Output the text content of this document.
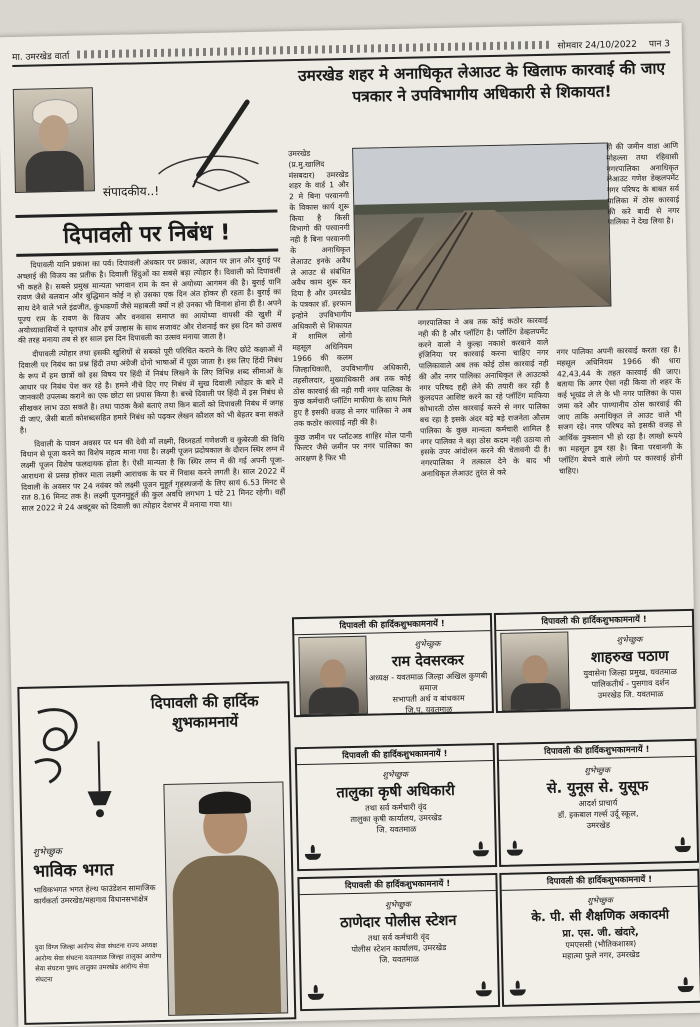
मा. उमरखेड वार्ता
सोमवार 24/10/2022 पान 3
उमरखेड शहर मे अनाधिकृत लेआउट के खिलाफ कारवाई की जाए पत्रकार ने उपविभागीय अधिकारी से शिकायत!
संपादकीय..!
दिपावली पर निबंध !

दिपावली यानि प्रकाश का पर्व। दिपावली अंधकार पर प्रकाश, अज्ञान पर ज्ञान और बुराई पर अच्छाई की विजय का प्रतीक है। दिवाली हिंदुओं का सबसे बड़ा त्योहार है। दिवाली को दिपावली भी कहते है। सबसे प्रमुख मान्यता भगवान राम के वन से अयोध्या आगमन की है। बुराई यानि रावण जैसे बलवान और बुद्धिमान कोई न हो उसका एक दिन अंत होकर ही रहता है। बुराई का साथ देने वाले भले इंद्रजीत, कुंभकर्णो जैसे महाबली क्यों न हो उनका भी विनाश होना ही है। अपने पूज्य राम के रावण के विजय और वनवास समाप्त का आयोध्या वापसी की खुशी में अयोध्यावासियों ने घृतपात्र और हर्ष उल्हास के साथ सजावट और रोशनाई कर इस दिन को उत्सव की तरह मनाया तब से हर साल इस दिन दिपावली का उत्सव मनाया जाता है।

दीपावली त्योहार तथा इसकी खुशियों से सबको पूरी परिचित कराने के लिए छोटे कक्षाओं में दिवाली पर निबंध का प्रश्न हिंदी तथा अंग्रेजी दोनो भाषाओं में पूछा जाता है। इस लिए हिंदी निबंध के रूप में हम छात्रों को इस विषय पर हिंदी में निबंध लिखने के लिए विभिन्न शब्द सीमाओं के आधार पर निबंध पेश कर रहे है। हमने नीचे दिए गए निबंध में सुख दिवाली त्योहार के बारे में जानकारी उपलब्ध कराने का एक छोटा सा प्रयास किया है। बच्चे दिवाली पर हिंदी में इस निबंध से सीखकर लाभ उठा सकते है। तथा पाठक कैसे बताएं तथा किन बातों को दिपावली निबंध में जगह दी जाए, जैसी बातों कोशब्दसहित हमारे निबंध को पढ़कर लेखन कौशल को भी बेहतर बना सकते है।

दिवाली के पावन अवसर पर धन की देवी माँ लक्ष्मी, विघ्नहर्ता गणेशजी व कुबेरजी की विधि विधान से पूजा करने का विशेष महत्व माना गया है। लक्ष्मी पूजन प्रदोषकाल के दौरान स्थिर लग्न में लक्ष्मी पूजन विशेष फलदायक होता है। ऐसी मान्यता है कि स्थिर लग्न में की गई अपनी पूजा-आराधना से प्रसन्न होकर माता लक्ष्मी आराधक के घर में निवास करने लगती है। साल 2022 में दिवाली के अवसर पर 24 नवंबर को लक्ष्मी पूजन मुहूर्त गृहस्थजनों के लिए सायं 6.53 मिनट से रात 8.16 मिनट तक है। लक्ष्मी पूजनमुहूर्त की कुल अवधि लगभग 1 घंटे 21 मिनट रहेगी। वहीं साल 2022 मे 24 अक्टूबर को दिवाली का त्योहार देशभर में मनाया गया था।

उमरखेड (प्र.मु.खालिद मंसबदार) उमरखेड शहर के वार्ड 1 और 2 मे बिना परवानगी के विकास कार्य शुरू किया है किसी विभागो की परवानगी नही है बिना परवानगी के अनाधिकृत लेआउट इनके अवैध ले आउट से संबंधित अवैध काम शुरू कर दिया है और उमरखेड के पत्रकार डॉ. इरफान इन्होने उपविभागीय अधिकारी से शिकायत में शामिल लोगो महसूल अधिनियम 1966 की कलम

ही की जमीन वाडा आणि मोहल्ला तथा रहिवासी नगरपालिका अनाधिकृत लेआउट गणेश डेव्हलपमेंट नगर परिषद के बाबत सर्व पालिका में ठोस कारवाई की करे बादी से नगर पालिका ने देख लिया है।

जिल्हाधिकारी, उपविभागीय अधिकारी, तहसीलदार, मुख्याधिकारी अब तक कोई ठोस कारवाई की नही गयी नगर पालिका के कुछ कर्मचारी प्लॉटिंग माफीया के साथ मिले हुए है इसकी वजह से नगर पालिका ने अब तक कठोर कारवाई नही की है।

कुछ जमीन पर प्लॉटअड शाहिर मोल पानी फिल्टर जैसे जमीन पर नगर पालिका का आरक्षण है फिर भी

नगरपालिका ने अब तक कोई कठोर कारवाई नही की है और प्लॉटिंग है। प्लॉटिंग डेव्हलपमेंट करने वालो ने कुल्हा नकाशे करवाने वाले इंजिनिया पर कारवाई करना चाहिए नगर पालिकावाले अब तक कोई ठोस कारवाई नही की और नगर पालिका अनाधिकृत ले आउटको नगर परिषद हद्दी लेने की तयारी कर रही है कुलदपत आशिष्ट करने का रहे प्लॉटिंग माफिया कोभारती ठोस कारवाई करने से नगर पालिका बच रहा है इसके अंदर बड़े बड़े राजनेता औत्तम पालिका के कुछ मान्यता कर्मचारी शामिल है नगर पालिका ने बड़ा ठोस कदम नही उठाया तो इसके उपर आंदोलन करने की चेतावनी दी है। नगरपालिका ने तत्काल देने के बाद भी अनाधिकृत लेआउट तुरंत से करे

नगर पालिका अपनी कारवाई करता रहा है। महसूल अधिनियम 1966 की धारा 42,43,44 के तहत कारवाई की जाए। बताया कि अगर ऐसा नही किया तो शहर के कई भूखंड ले ले के भी नगर पालिका के पास जमा करे और पाण्यानीय ठोस कारवाई की जाए ताकि अनाधिकृत ले आउट वाले भी सजग रहे। नगर परिषद को इसकी वजह से आर्थिक नुकसान भी हो रहा है। लाखो रूपये का महसूल डुब रहा है। बिना परवानगी के प्लॉटिंग बेचने वाले लोगो पर कारवाई होनी चाहिए।

दिपावली की हार्दिकशुभकामनायें !
शुभेच्छुक
राम देवसरकर
अध्यक्ष - यवतमाळ जिल्हा अखिल कुणबी समाज
सभापती अर्थ व बांधकाम
जि.प. यवतमाळ
दिपावली की हार्दिकशुभकामनायें !
शुभेच्छुक
शाहरुख पठाण
युवासेना जिल्हा प्रमुख, यवतमाळ
पालिकतीर्थ - पुसगाव दर्शन
उमरखेड जि. यवतमाळ
दिपावली की हार्दिकशुभकामनायें !
शुभेच्छुक
तालुका कृषी अधिकारी
तथा सर्व कर्मचारी वृंद
तालुका कृषी कार्यालय, उमरखेड
जि. यवतमाळ
दिपावली की हार्दिकशुभकामनायें !
शुभेच्छुक
से. युनूस से. युसूफ
आदर्श प्राचार्य
डॉ. इकबाल गर्ल्स उर्दू स्कूल,
उमरखेड
दिपावली की हार्दिकशुभकामनायें !
शुभेच्छुक
ठाणेदार पोलीस स्टेशन
तथा सर्व कर्मचारी वृंद
पोलीस स्टेशन कार्यालय, उमरखेड
जि. यवतमाळ
दिपावली की हार्दिकशुभकामनायें !
शुभेच्छुक
के. पी. सी शैक्षणिक अकादमी
प्रा. एस. जी. खंदारे,
एमएससी (भौतिकशास्त्र)
महात्मा फुले नगर, उमरखेड
दिपावली की हार्दिक शुभकामनायें
शुभेच्छुक
भाविक भगत
भाविकभगत भगत हेल्थ फाउंडेशन सामाजिक कार्यकर्ता उमरखेड/महागाव विधानसभाक्षेत्र
युवा विंग्ज जिल्हा आरोग्य सेवा संघटना राज्य अध्यक्ष आरोग्य सेवा संघटना यवतमाळ जिल्हा तालुका आरोग्य सेवा संघटना पुसद तालुका उमरखेड आरोग्य सेवा संघटना
